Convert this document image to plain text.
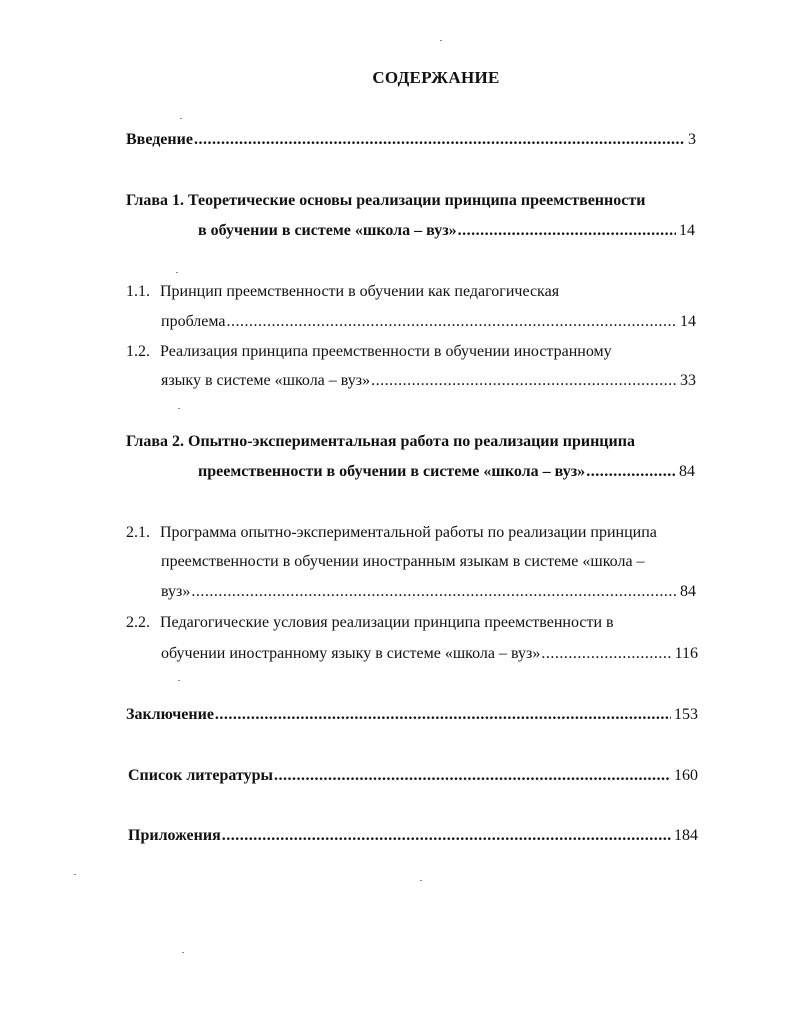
СОДЕРЖАНИЕ
Введение .....	3
Глава 1. Теоретические основы реализации принципа преемственности
в обучении в системе «школа – вуз» .....	14
1.1. Принцип преемственности в обучении как педагогическая
проблема .....	14
1.2. Реализация принципа преемственности в обучении иностранному
языку в системе «школа – вуз» .....	33
Глава 2. Опытно-экспериментальная работа по реализации принципа
преемственности в обучении в системе «школа – вуз» .....	84
2.1. Программа опытно-экспериментальной работы по реализации принципа
преемственности в обучении иностранным языкам в системе «школа –
вуз» .....	84
2.2. Педагогические условия реализации принципа преемственности в
обучении иностранному языку в системе «школа – вуз» .....	116
Заключение .....	153
Список литературы .....	160
Приложения .....	184
